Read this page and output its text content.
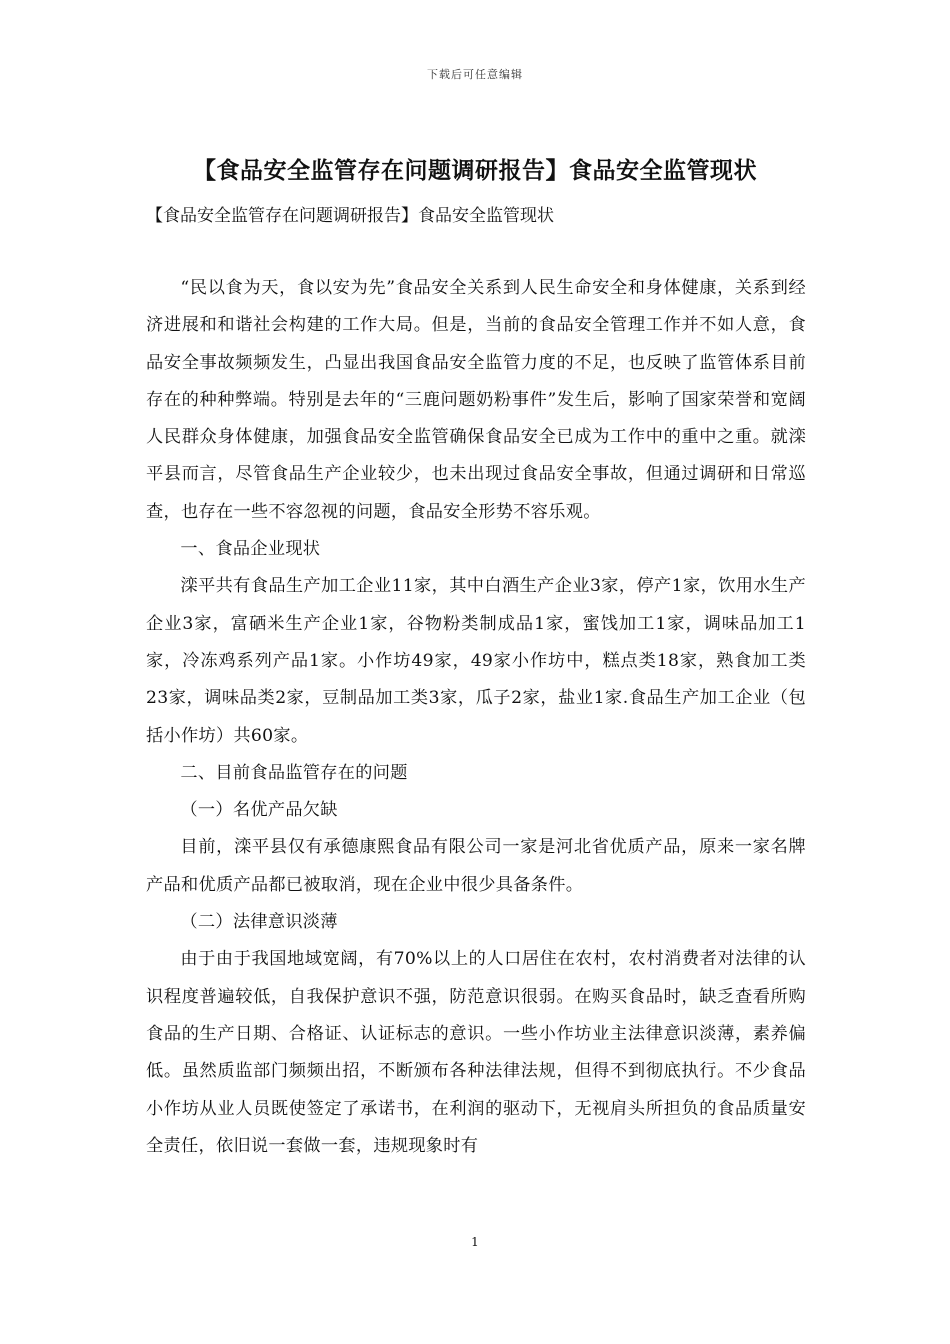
下载后可任意编辑
【食品安全监管存在问题调研报告】食品安全监管现状

【食品安全监管存在问题调研报告】食品安全监管现状

“民以食为天，食以安为先”食品安全关系到人民生命安全和身体健康，关系到经济进展和和谐社会构建的工作大局。但是，当前的食品安全管理工作并不如人意，食品安全事故频频发生，凸显出我国食品安全监管力度的不足，也反映了监管体系目前存在的种种弊端。特别是去年的“三鹿问题奶粉事件”发生后，影响了国家荣誉和宽阔人民群众身体健康，加强食品安全监管确保食品安全已成为工作中的重中之重。就滦平县而言，尽管食品生产企业较少，也未出现过食品安全事故，但通过调研和日常巡查，也存在一些不容忽视的问题，食品安全形势不容乐观。

一、食品企业现状

滦平共有食品生产加工企业11家，其中白酒生产企业3家，停产1家，饮用水生产企业3家，富硒米生产企业1家，谷物粉类制成品1家，蜜饯加工1家，调味品加工1家，冷冻鸡系列产品1家。小作坊49家，49家小作坊中，糕点类18家，熟食加工类23家，调味品类2家，豆制品加工类3家，瓜子2家，盐业1家.食品生产加工企业（包括小作坊）共60家。

二、目前食品监管存在的问题

（一）名优产品欠缺

目前，滦平县仅有承德康熙食品有限公司一家是河北省优质产品，原来一家名牌产品和优质产品都已被取消，现在企业中很少具备条件。

（二）法律意识淡薄

由于由于我国地域宽阔，有70%以上的人口居住在农村，农村消费者对法律的认识程度普遍较低，自我保护意识不强，防范意识很弱。在购买食品时，缺乏查看所购食品的生产日期、合格证、认证标志的意识。一些小作坊业主法律意识淡薄，素养偏低。虽然质监部门频频出招，不断颁布各种法律法规，但得不到彻底执行。不少食品小作坊从业人员既使签定了承诺书，在利润的驱动下，无视肩头所担负的食品质量安全责任，依旧说一套做一套，违规现象时有

1
